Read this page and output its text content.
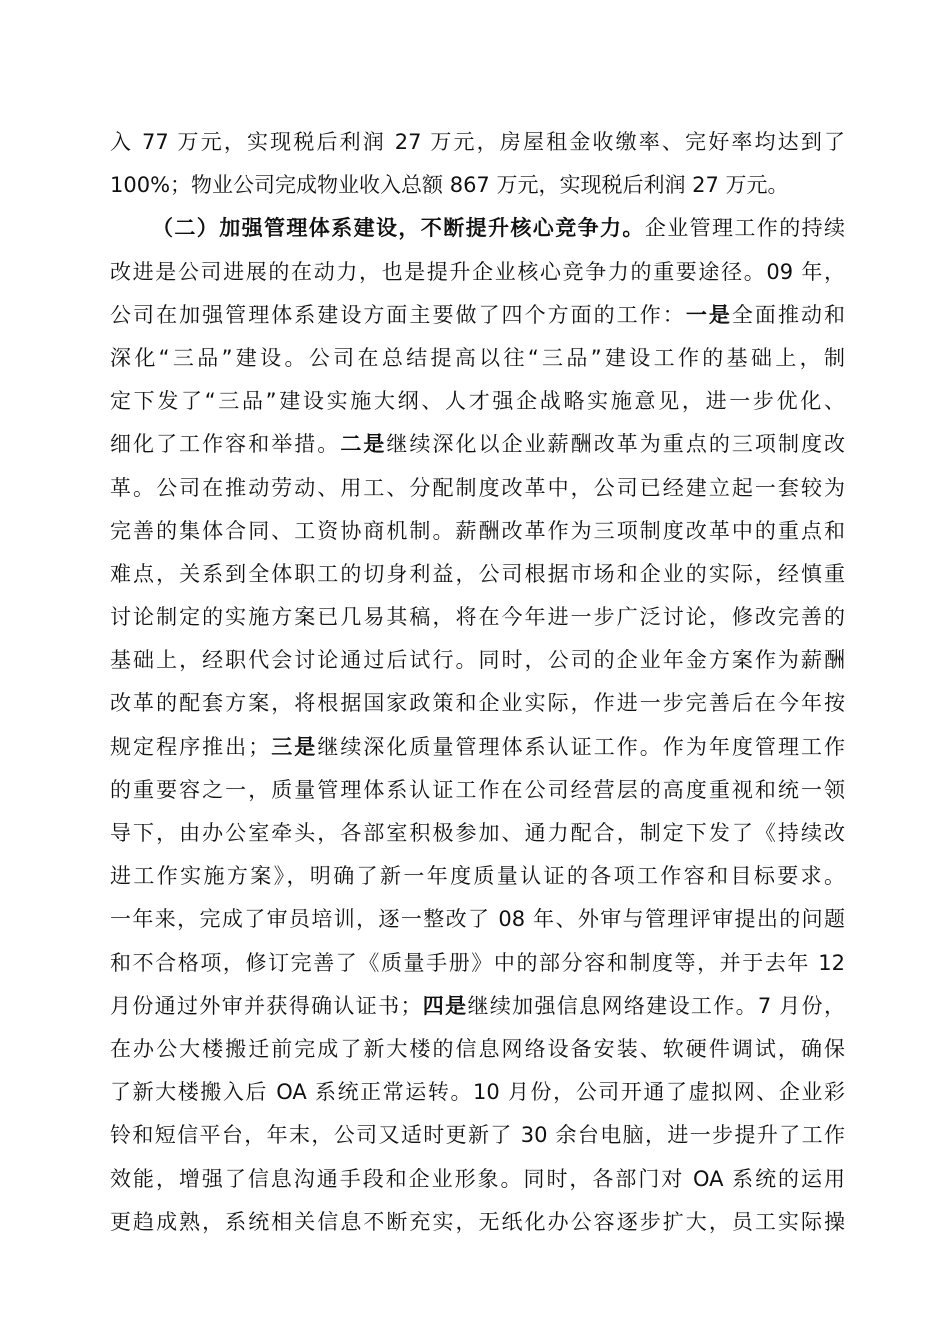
入 77 万元，实现税后利润 27 万元，房屋租金收缴率、完好率均达到了
100%；物业公司完成物业收入总额 867 万元，实现税后利润 27 万元。
（二）加强管理体系建设，不断提升核心竞争力。企业管理工作的持续
改进是公司进展的在动力，也是提升企业核心竞争力的重要途径。09 年，
公司在加强管理体系建设方面主要做了四个方面的工作：一是全面推动和
深化“三品”建设。公司在总结提高以往“三品”建设工作的基础上，制
定下发了“三品”建设实施大纲、人才强企战略实施意见，进一步优化、
细化了工作容和举措。二是继续深化以企业薪酬改革为重点的三项制度改
革。公司在推动劳动、用工、分配制度改革中，公司已经建立起一套较为
完善的集体合同、工资协商机制。薪酬改革作为三项制度改革中的重点和
难点，关系到全体职工的切身利益，公司根据市场和企业的实际，经慎重
讨论制定的实施方案已几易其稿，将在今年进一步广泛讨论，修改完善的
基础上，经职代会讨论通过后试行。同时，公司的企业年金方案作为薪酬
改革的配套方案，将根据国家政策和企业实际，作进一步完善后在今年按
规定程序推出；三是继续深化质量管理体系认证工作。作为年度管理工作
的重要容之一，质量管理体系认证工作在公司经营层的高度重视和统一领
导下，由办公室牵头，各部室积极参加、通力配合，制定下发了《持续改
进工作实施方案》，明确了新一年度质量认证的各项工作容和目标要求。
一年来，完成了审员培训，逐一整改了 08 年、外审与管理评审提出的问题
和不合格项，修订完善了《质量手册》中的部分容和制度等，并于去年 12
月份通过外审并获得确认证书；四是继续加强信息网络建设工作。7 月份，
在办公大楼搬迁前完成了新大楼的信息网络设备安装、软硬件调试，确保
了新大楼搬入后 OA 系统正常运转。10 月份，公司开通了虚拟网、企业彩
铃和短信平台，年末，公司又适时更新了 30 余台电脑，进一步提升了工作
效能，增强了信息沟通手段和企业形象。同时，各部门对 OA 系统的运用
更趋成熟，系统相关信息不断充实，无纸化办公容逐步扩大，员工实际操
